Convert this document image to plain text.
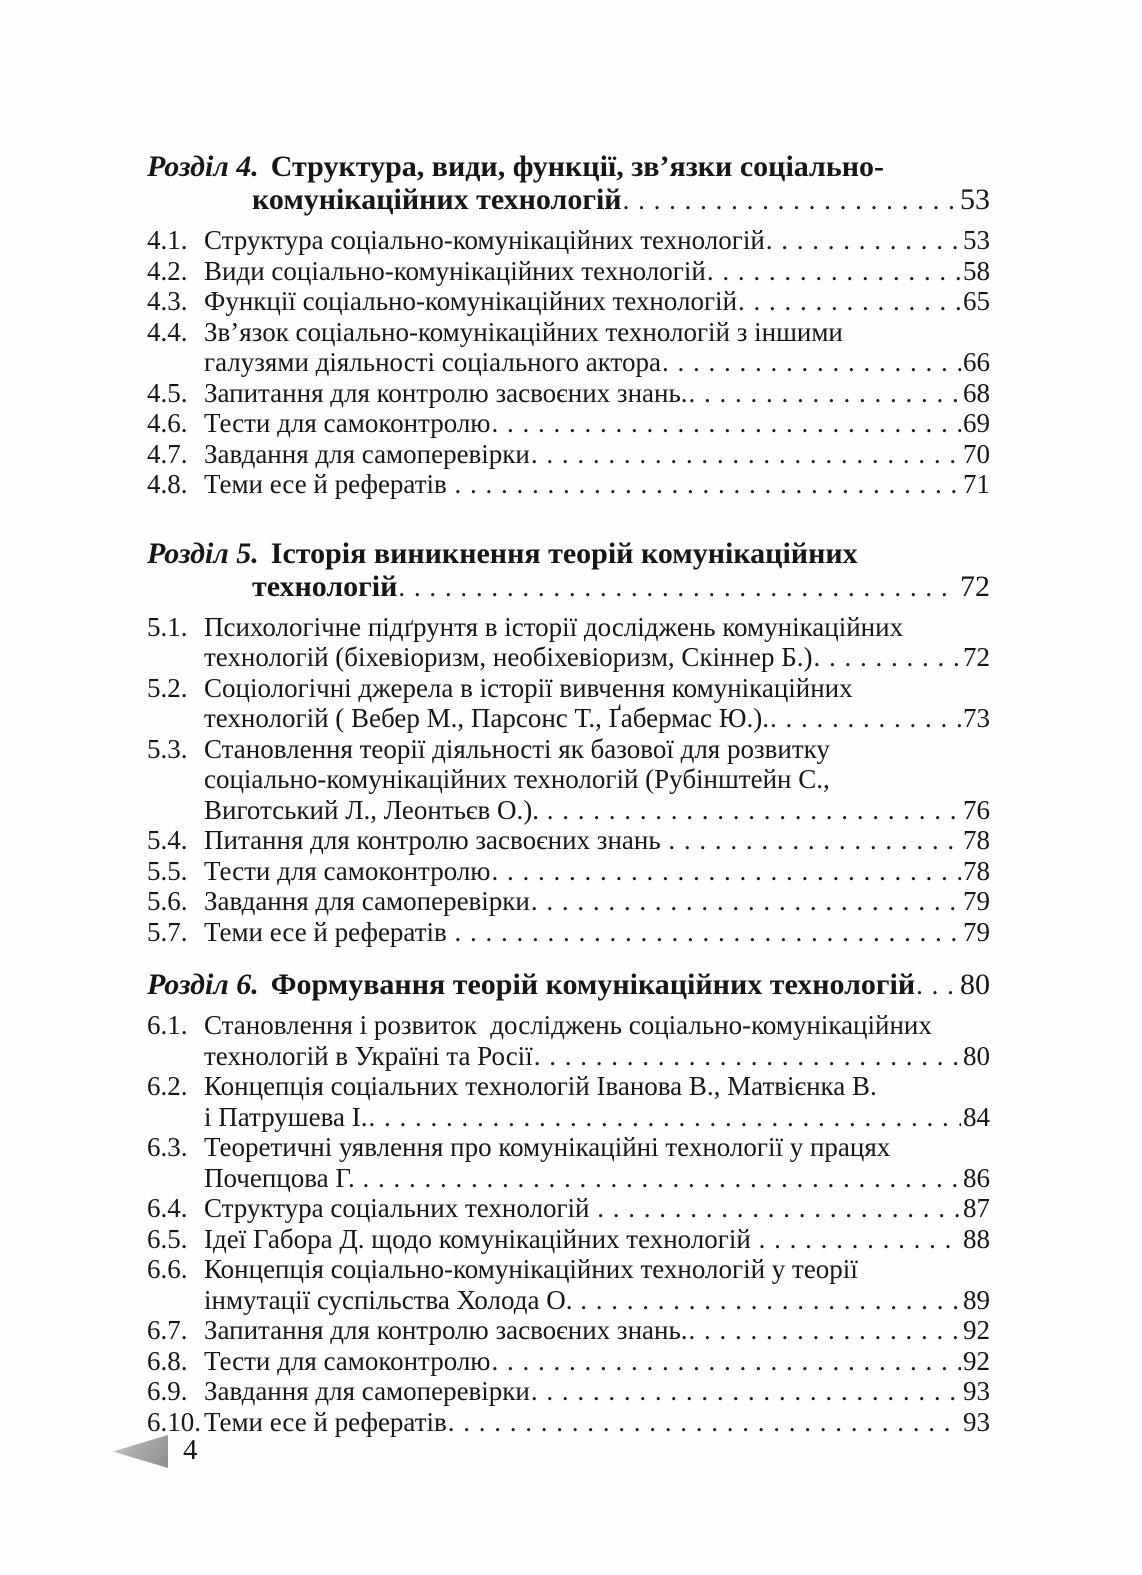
Розділ 4. Структура, види, функції, зв’язки соціально-
комунікаційних технологій . . .	53
4.1. Структура соціально-комунікаційних технологій . . .	53
4.2. Види соціально-комунікаційних технологій . . .	58
4.3. Функції соціально-комунікаційних технологій . . .	65
4.4. Зв’язок соціально-комунікаційних технологій з іншими
галузями діяльності соціального актора . . .	66
4.5. Запитання для контролю засвоєних знань. . . .	68
4.6. Тести для самоконтролю . . .	69
4.7. Завдання для самоперевірки . . .	70
4.8. Теми есе й рефератів . . .	71
Розділ 5. Історія виникнення теорій комунікаційних
технологій . . .	72
5.1. Психологічне підґрунтя в історії досліджень комунікаційних
технологій (біхевіоризм, необіхевіоризм, Скіннер Б.) . . .	72
5.2. Соціологічні джерела в історії вивчення комунікаційних
технологій ( Вебер М., Парсонс Т., Ґабермас Ю.). . . .	73
5.3. Становлення теорії діяльності як базової для розвитку
соціально-комунікаційних технологій (Рубінштейн С.,
Виготський Л., Леонтьєв О.). . . .	76
5.4. Питання для контролю засвоєних знань . . .	78
5.5. Тести для самоконтролю . . .	78
5.6. Завдання для самоперевірки . . .	79
5.7. Теми есе й рефератів . . .	79
Розділ 6. Формування теорій комунікаційних технологій . . . 80
6.1. Становлення і розвиток  досліджень соціально-комунікаційних
технологій в Україні та Росії . . .	80
6.2. Концепція соціальних технологій Іванова В., Матвієнка В.
і Патрушева І. . . .	84
6.3. Теоретичні уявлення про комунікаційні технології у працях
Почепцова Г. . . .	86
6.4. Структура соціальних технологій . . .	87
6.5. Ідеї Габора Д. щодо комунікаційних технологій . . .	88
6.6. Концепція соціально-комунікаційних технологій у теорії
інмутації суспільства Холода О. . . .	89
6.7. Запитання для контролю засвоєних знань. . . .	92
6.8. Тести для самоконтролю . . .	92
6.9. Завдання для самоперевірки . . .	93
6.10. Теми есе й рефератів . . .	93
4
